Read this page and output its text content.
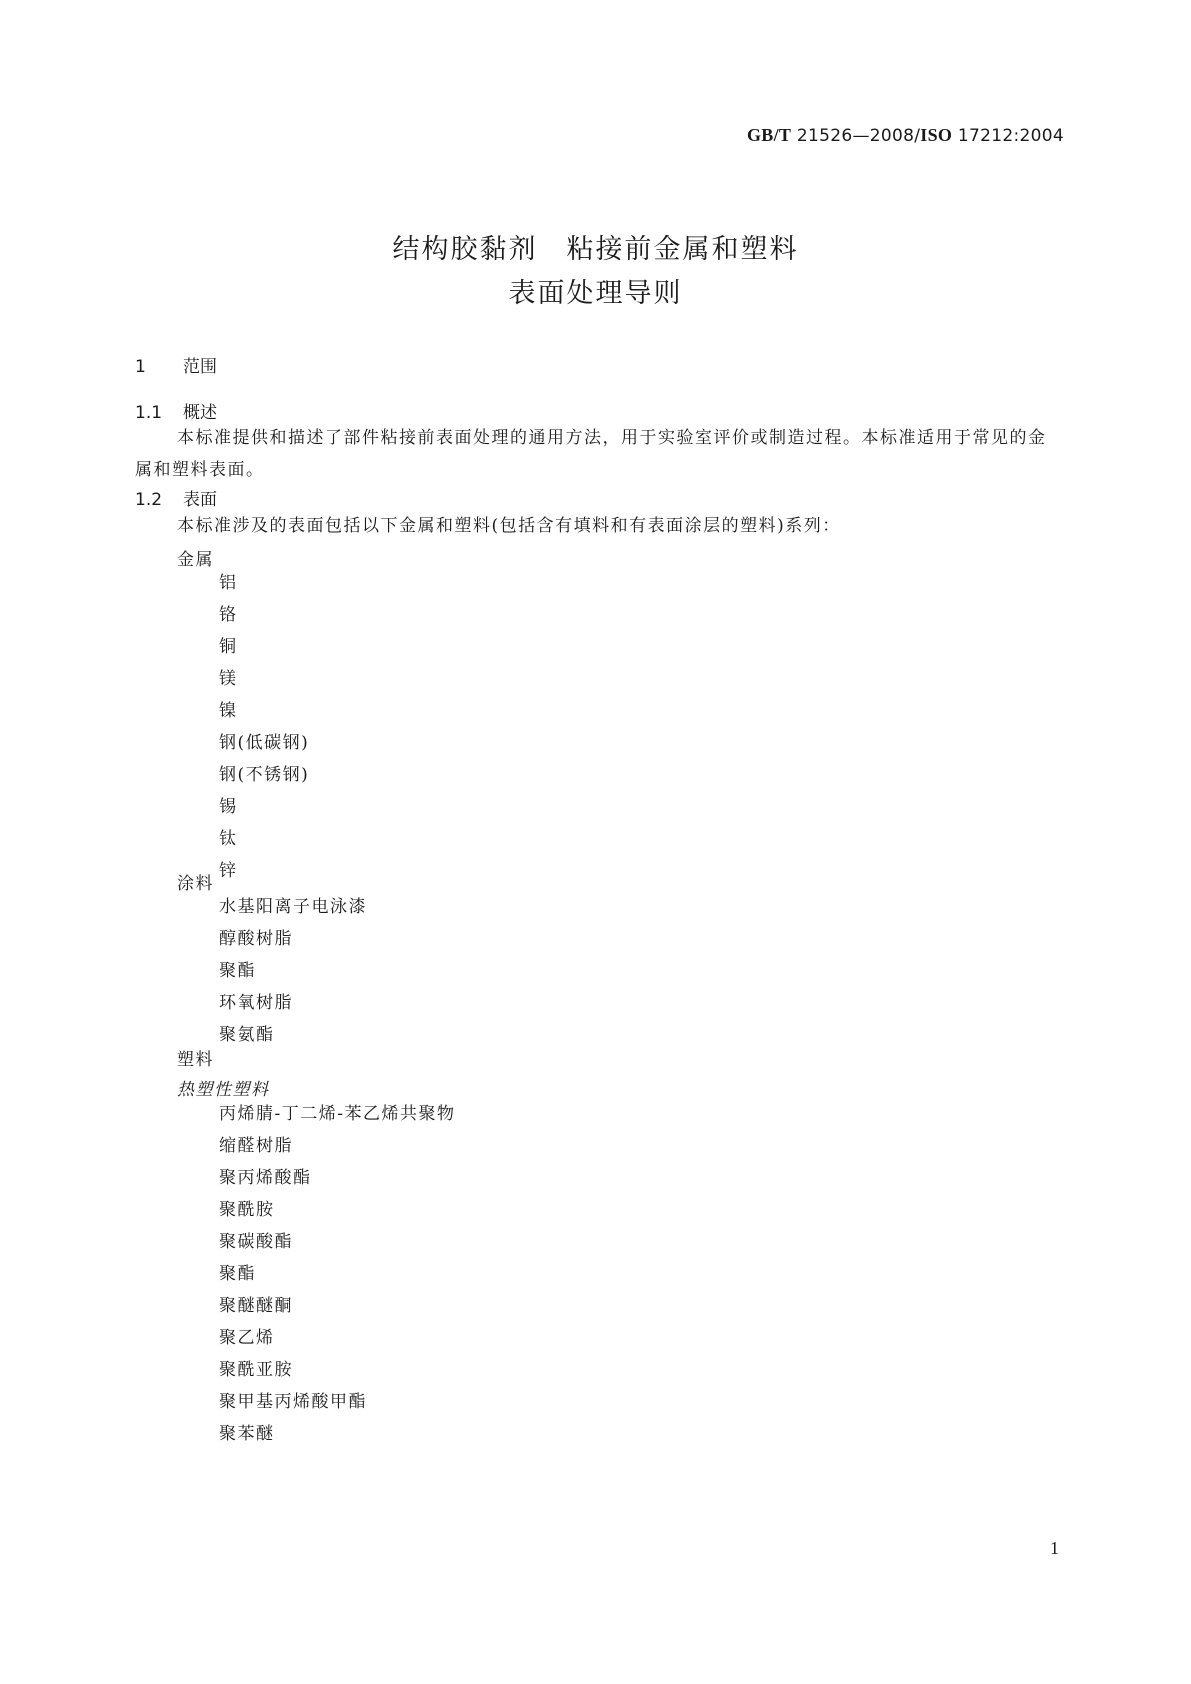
GB/T 21526—2008/ISO 17212:2004
结构胶黏剂　粘接前金属和塑料
表面处理导则
1 范围
1.1 概述

本标准提供和描述了部件粘接前表面处理的通用方法，用于实验室评价或制造过程。本标准适用于常见的金属和塑料表面。

1.2 表面

本标准涉及的表面包括以下金属和塑料(包括含有填料和有表面涂层的塑料)系列：

金属
铝
铬
铜
镁
镍
钢(低碳钢)
钢(不锈钢)
锡
钛
锌
涂料
水基阳离子电泳漆
醇酸树脂
聚酯
环氧树脂
聚氨酯
塑料
热塑性塑料
丙烯腈-丁二烯-苯乙烯共聚物
缩醛树脂
聚丙烯酸酯
聚酰胺
聚碳酸酯
聚酯
聚醚醚酮
聚乙烯
聚酰亚胺
聚甲基丙烯酸甲酯
聚苯醚
1
